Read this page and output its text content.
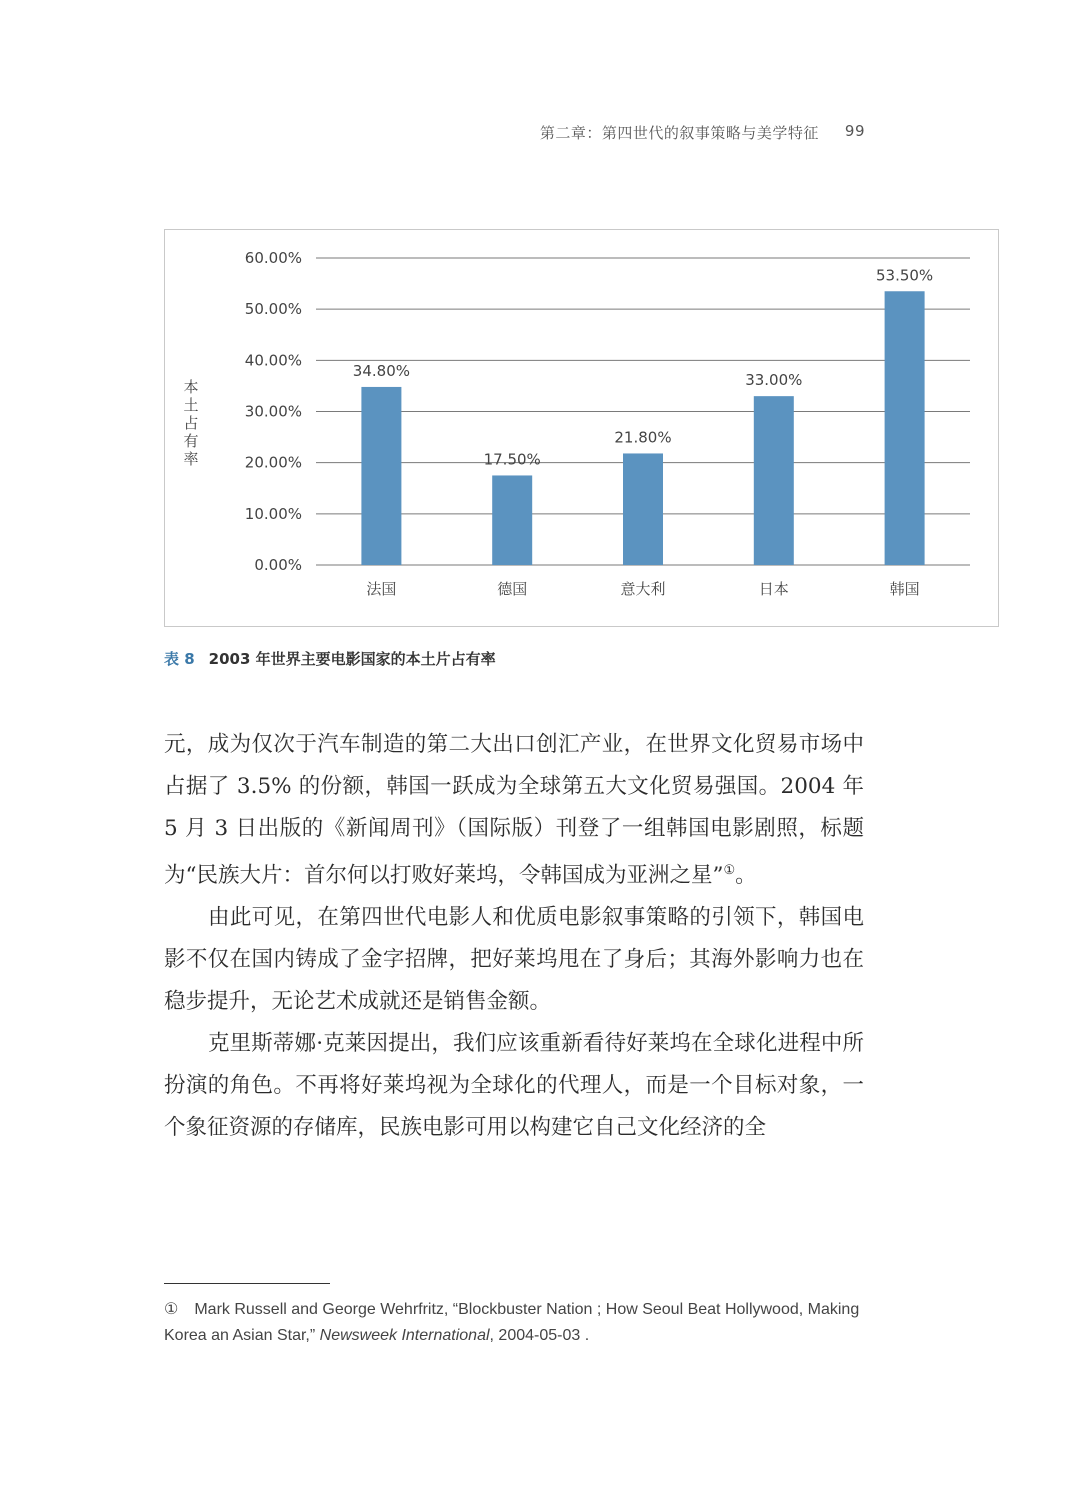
第二章：第四世代的叙事策略与美学特征 99
0.00%
10.00%
20.00%
30.00%
40.00%
50.00%
60.00%
本土占有率
34.80%
法国
17.50%
德国
21.80%
意大利
33.00%
日本
53.50%
韩国
表 8 2003 年世界主要电影国家的本土片占有率

元，成为仅次于汽车制造的第二大出口创汇产业，在世界文化贸易市场中占据了 3.5% 的份额，韩国一跃成为全球第五大文化贸易强国。2004 年 5 月 3 日出版的《新闻周刊》（国际版）刊登了一组韩国电影剧照，标题为“民族大片：首尔何以打败好莱坞，令韩国成为亚洲之星”①。

由此可见，在第四世代电影人和优质电影叙事策略的引领下，韩国电影不仅在国内铸成了金字招牌，把好莱坞甩在了身后；其海外影响力也在稳步提升，无论艺术成就还是销售金额。

克里斯蒂娜·克莱因提出，我们应该重新看待好莱坞在全球化进程中所扮演的角色。不再将好莱坞视为全球化的代理人，而是一个目标对象，一个象征资源的存储库，民族电影可用以构建它自己文化经济的全

① Mark Russell and George Wehrfritz, “Blockbuster Nation ; How Seoul Beat Hollywood, Making Korea an Asian Star,” Newsweek International, 2004-05-03 .
